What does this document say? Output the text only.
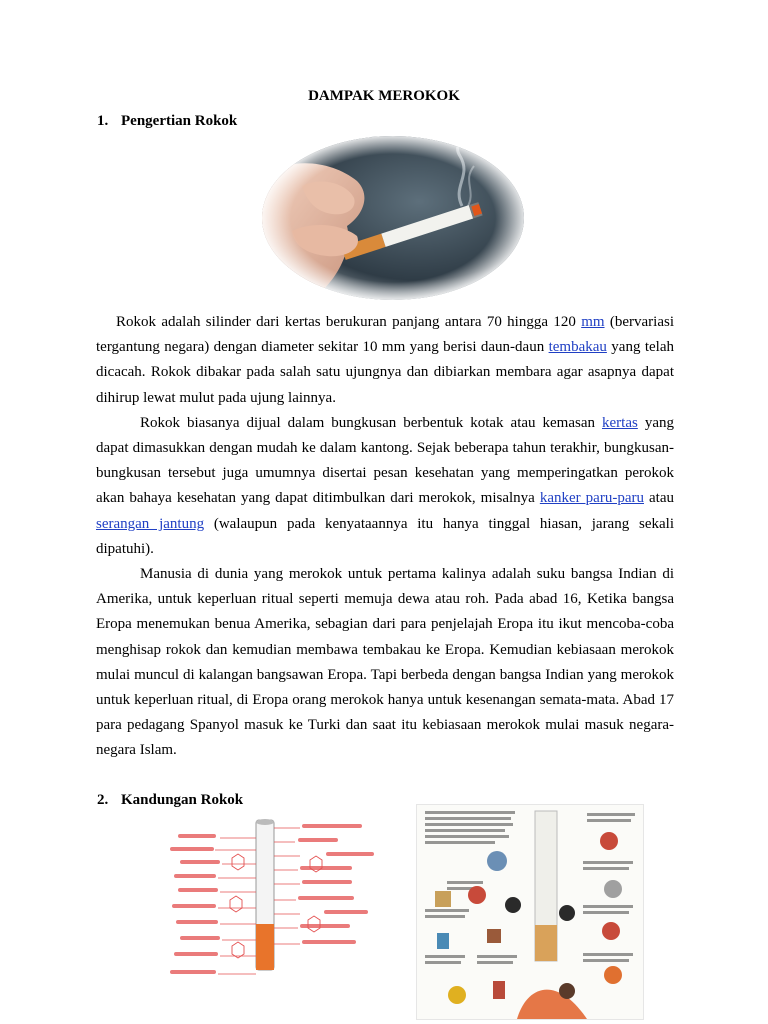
DAMPAK MEROKOK
1. Pengertian Rokok

Rokok adalah silinder dari kertas berukuran panjang antara 70 hingga 120 mm (bervariasi tergantung negara) dengan diameter sekitar 10 mm yang berisi daun-daun tembakau yang telah dicacah. Rokok dibakar pada salah satu ujungnya dan dibiarkan membara agar asapnya dapat dihirup lewat mulut pada ujung lainnya.

Rokok biasanya dijual dalam bungkusan berbentuk kotak atau kemasan kertas yang dapat dimasukkan dengan mudah ke dalam kantong. Sejak beberapa tahun terakhir, bungkusan-bungkusan tersebut juga umumnya disertai pesan kesehatan yang memperingatkan perokok akan bahaya kesehatan yang dapat ditimbulkan dari merokok, misalnya kanker paru-paru atau serangan jantung (walaupun pada kenyataannya itu hanya tinggal hiasan, jarang sekali dipatuhi).

Manusia di dunia yang merokok untuk pertama kalinya adalah suku bangsa Indian di Amerika, untuk keperluan ritual seperti memuja dewa atau roh. Pada abad 16, Ketika bangsa Eropa menemukan benua Amerika, sebagian dari para penjelajah Eropa itu ikut mencoba-coba menghisap rokok dan kemudian membawa tembakau ke Eropa. Kemudian kebiasaan merokok mulai muncul di kalangan bangsawan Eropa. Tapi berbeda dengan bangsa Indian yang merokok untuk keperluan ritual, di Eropa orang merokok hanya untuk kesenangan semata-mata. Abad 17 para pedagang Spanyol masuk ke Turki dan saat itu kebiasaan merokok mulai masuk negara-negara Islam.

2. Kandungan Rokok
